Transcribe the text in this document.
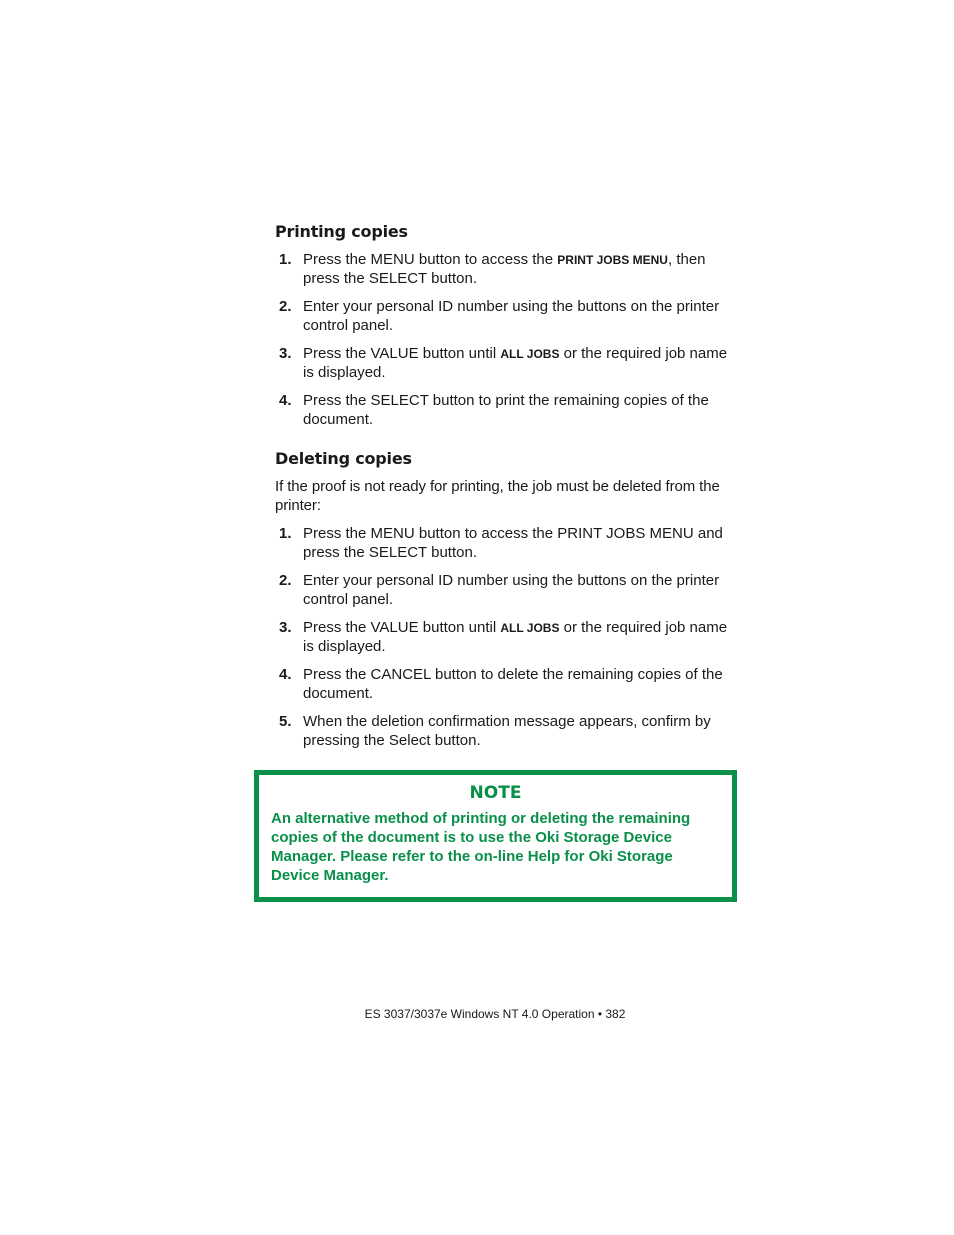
Printing copies
1. Press the MENU button to access the PRINT JOBS MENU, then press the SELECT button.
2. Enter your personal ID number using the buttons on the printer control panel.
3. Press the VALUE button until ALL JOBS or the required job name is displayed.
4. Press the SELECT button to print the remaining copies of the document.
Deleting copies

If the proof is not ready for printing, the job must be deleted from the printer:

1. Press the MENU button to access the PRINT JOBS MENU and press the SELECT button.
2. Enter your personal ID number using the buttons on the printer control panel.
3. Press the VALUE button until ALL JOBS or the required job name is displayed.
4. Press the CANCEL button to delete the remaining copies of the document.
5. When the deletion confirmation message appears, confirm by pressing the Select button.

NOTE

An alternative method of printing or deleting the remaining copies of the document is to use the Oki Storage Device Manager. Please refer to the on-line Help for Oki Storage Device Manager.

ES 3037/3037e Windows NT 4.0 Operation • 382
